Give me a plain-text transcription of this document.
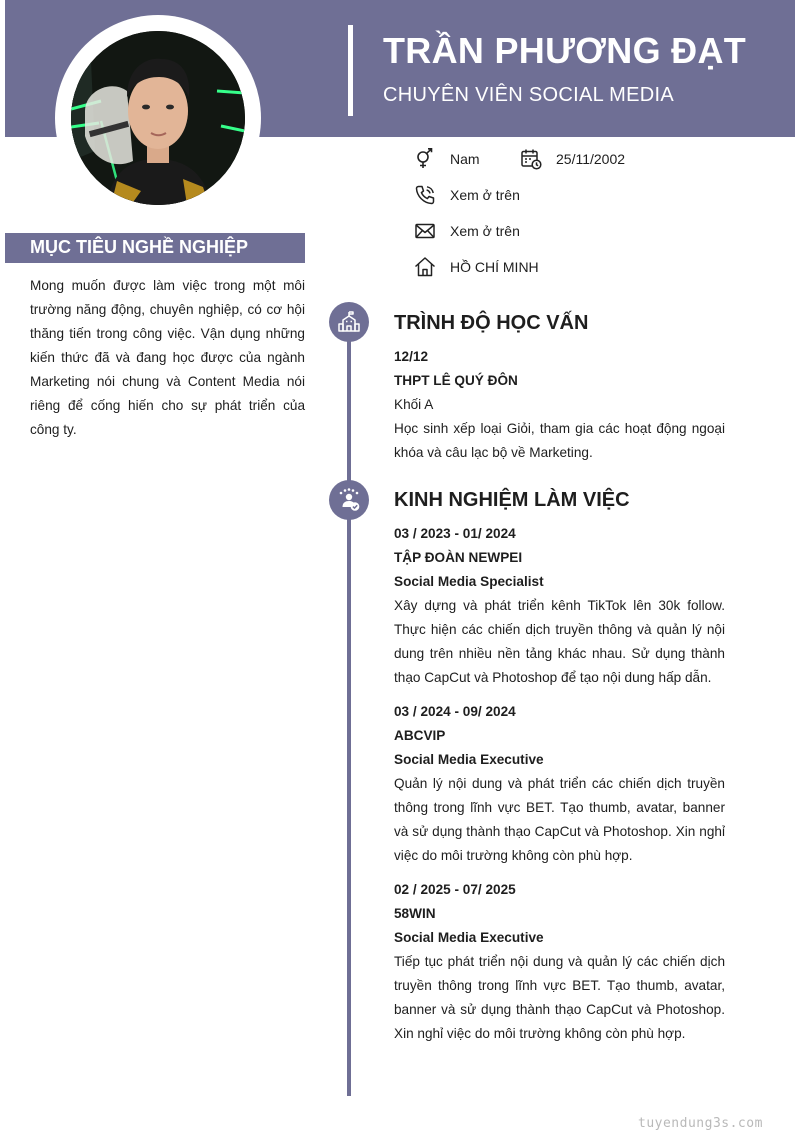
TRẦN PHƯƠNG ĐẠT
CHUYÊN VIÊN SOCIAL MEDIA
Nam	25/11/2002
Xem ở trên
Xem ở trên
HỒ CHÍ MINH
MỤC TIÊU NGHỀ NGHIỆP
Mong muốn được làm việc trong một môi trường năng động, chuyên nghiệp, có cơ hội thăng tiến trong công việc. Vận dụng những kiến thức đã và đang học được của ngành Marketing nói chung và Content Media nói riêng để cống hiến cho sự phát triển của công ty.
TRÌNH ĐỘ HỌC VẤN
12/12
THPT LÊ QUÝ ĐÔN
Khối A
Học sinh xếp loại Giỏi, tham gia các hoạt động ngoại khóa và câu lạc bộ về Marketing.
KINH NGHIỆM LÀM VIỆC
03 / 2023 - 01/ 2024
TẬP ĐOÀN NEWPEI
Social Media Specialist
Xây dựng và phát triển kênh TikTok lên 30k follow. Thực hiện các chiến dịch truyền thông và quản lý nội dung trên nhiều nền tảng khác nhau. Sử dụng thành thạo CapCut và Photoshop để tạo nội dung hấp dẫn.
03 / 2024 - 09/ 2024
ABCVIP
Social Media Executive
Quản lý nội dung và phát triển các chiến dịch truyền thông trong lĩnh vực BET. Tạo thumb, avatar, banner và sử dụng thành thạo CapCut và Photoshop. Xin nghỉ việc do môi trường không còn phù hợp.
02 / 2025 - 07/ 2025
58WIN
Social Media Executive
Tiếp tục phát triển nội dung và quản lý các chiến dịch truyền thông trong lĩnh vực BET. Tạo thumb, avatar, banner và sử dụng thành thạo CapCut và Photoshop. Xin nghỉ việc do môi trường không còn phù hợp.
tuyendung3s.com
